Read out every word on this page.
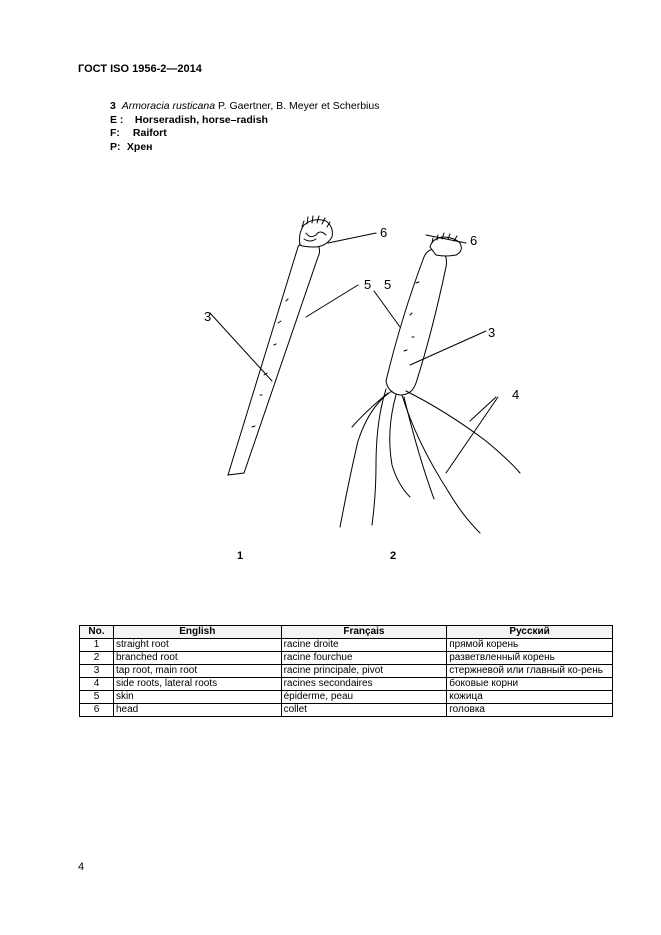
ГОСТ ISO 1956-2—2014
3 Armoracia rusticana P. Gaertner, B. Meyer et Scherbius
E : Horseradish, horse–radish
F: Raifort
P: Хрен
3
6
5
6
5
3
4
1	2
No.	English	Français	Русский
1	straight root	racine droite	прямой корень
2	branched root	racine fourchue	разветвленный корень
3	tap root, main root	racine principale, pivot	стержневой или главный ко-рень
4	side roots, lateral roots	racines secondaires	боковые корни
5	skin	épiderme, peau	кожица
6	head	collet	головка
4
